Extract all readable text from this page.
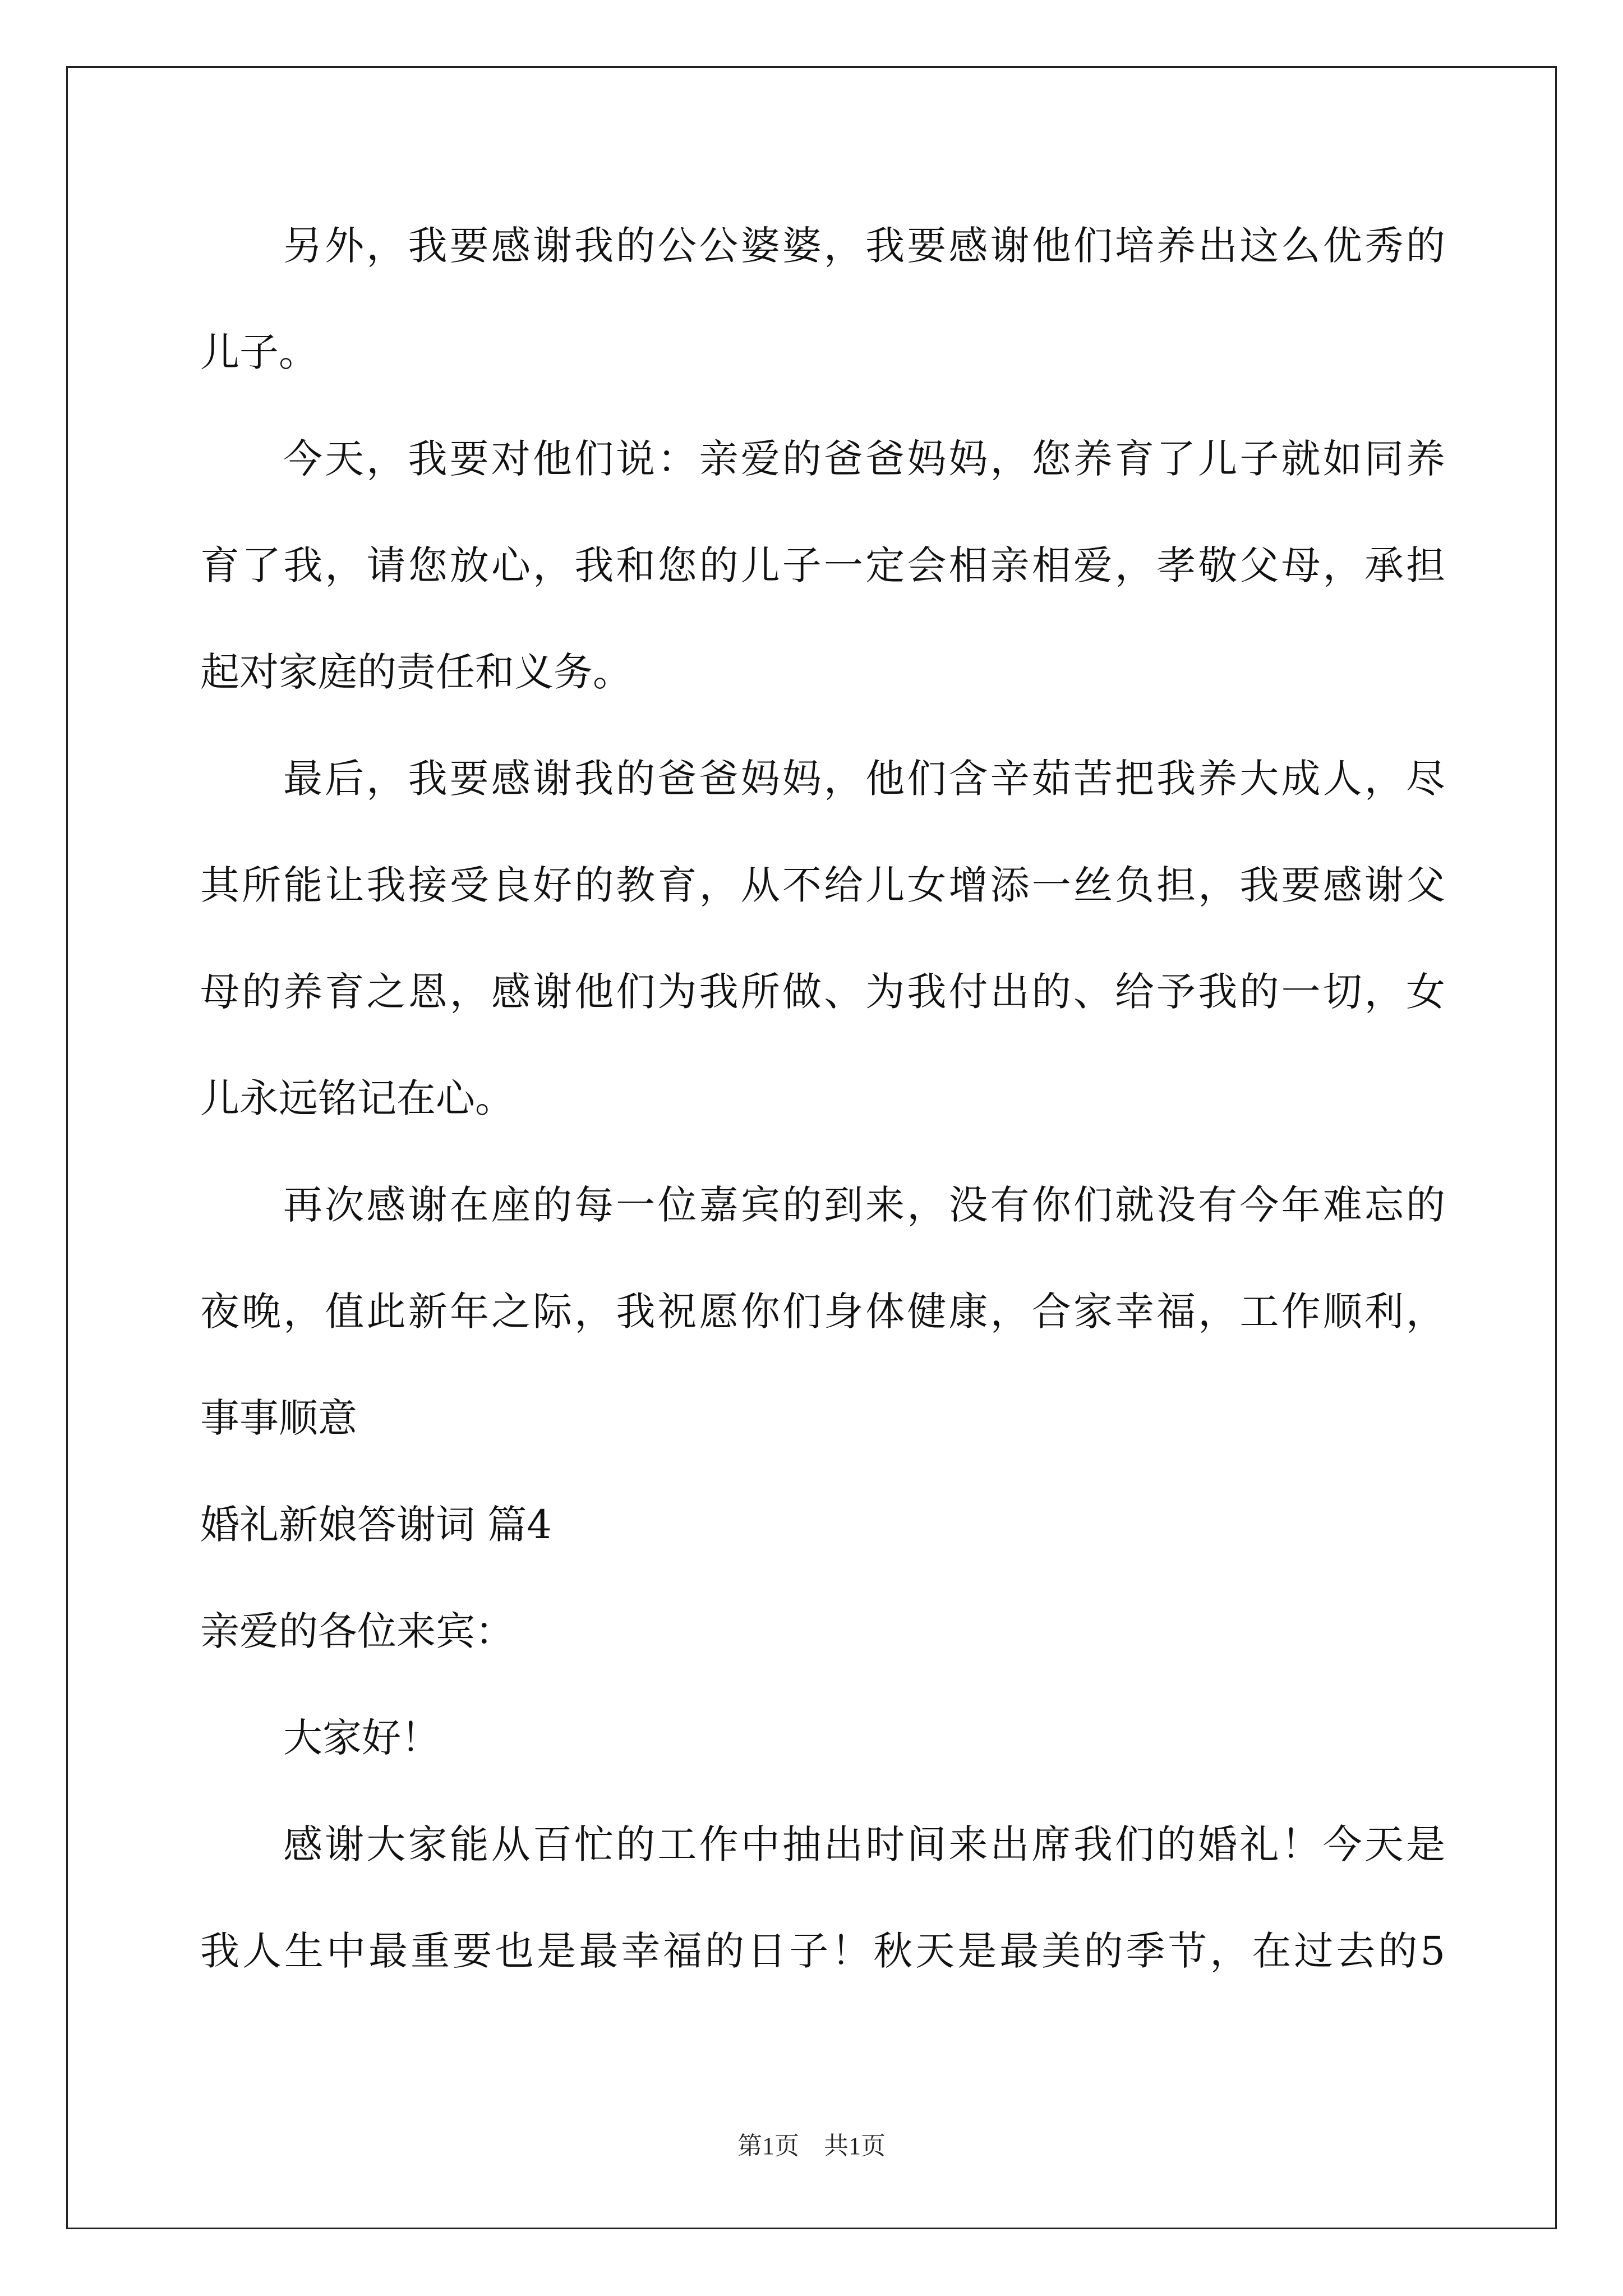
另外，我要感谢我的公公婆婆，我要感谢他们培养出这么优秀的
儿子。
今天，我要对他们说：亲爱的爸爸妈妈，您养育了儿子就如同养
育了我，请您放心，我和您的儿子一定会相亲相爱，孝敬父母，承担
起对家庭的责任和义务。
最后，我要感谢我的爸爸妈妈，他们含辛茹苦把我养大成人，尽
其所能让我接受良好的教育，从不给儿女增添一丝负担，我要感谢父
母的养育之恩，感谢他们为我所做、为我付出的、给予我的一切，女
儿永远铭记在心。
再次感谢在座的每一位嘉宾的到来，没有你们就没有今年难忘的
夜晚，值此新年之际，我祝愿你们身体健康，合家幸福，工作顺利，
事事顺意
婚礼新娘答谢词 篇4
亲爱的各位来宾：
大家好！
感谢大家能从百忙的工作中抽出时间来出席我们的婚礼！今天是
我人生中最重要也是最幸福的日子！秋天是最美的季节，在过去的5
第1页　共1页
